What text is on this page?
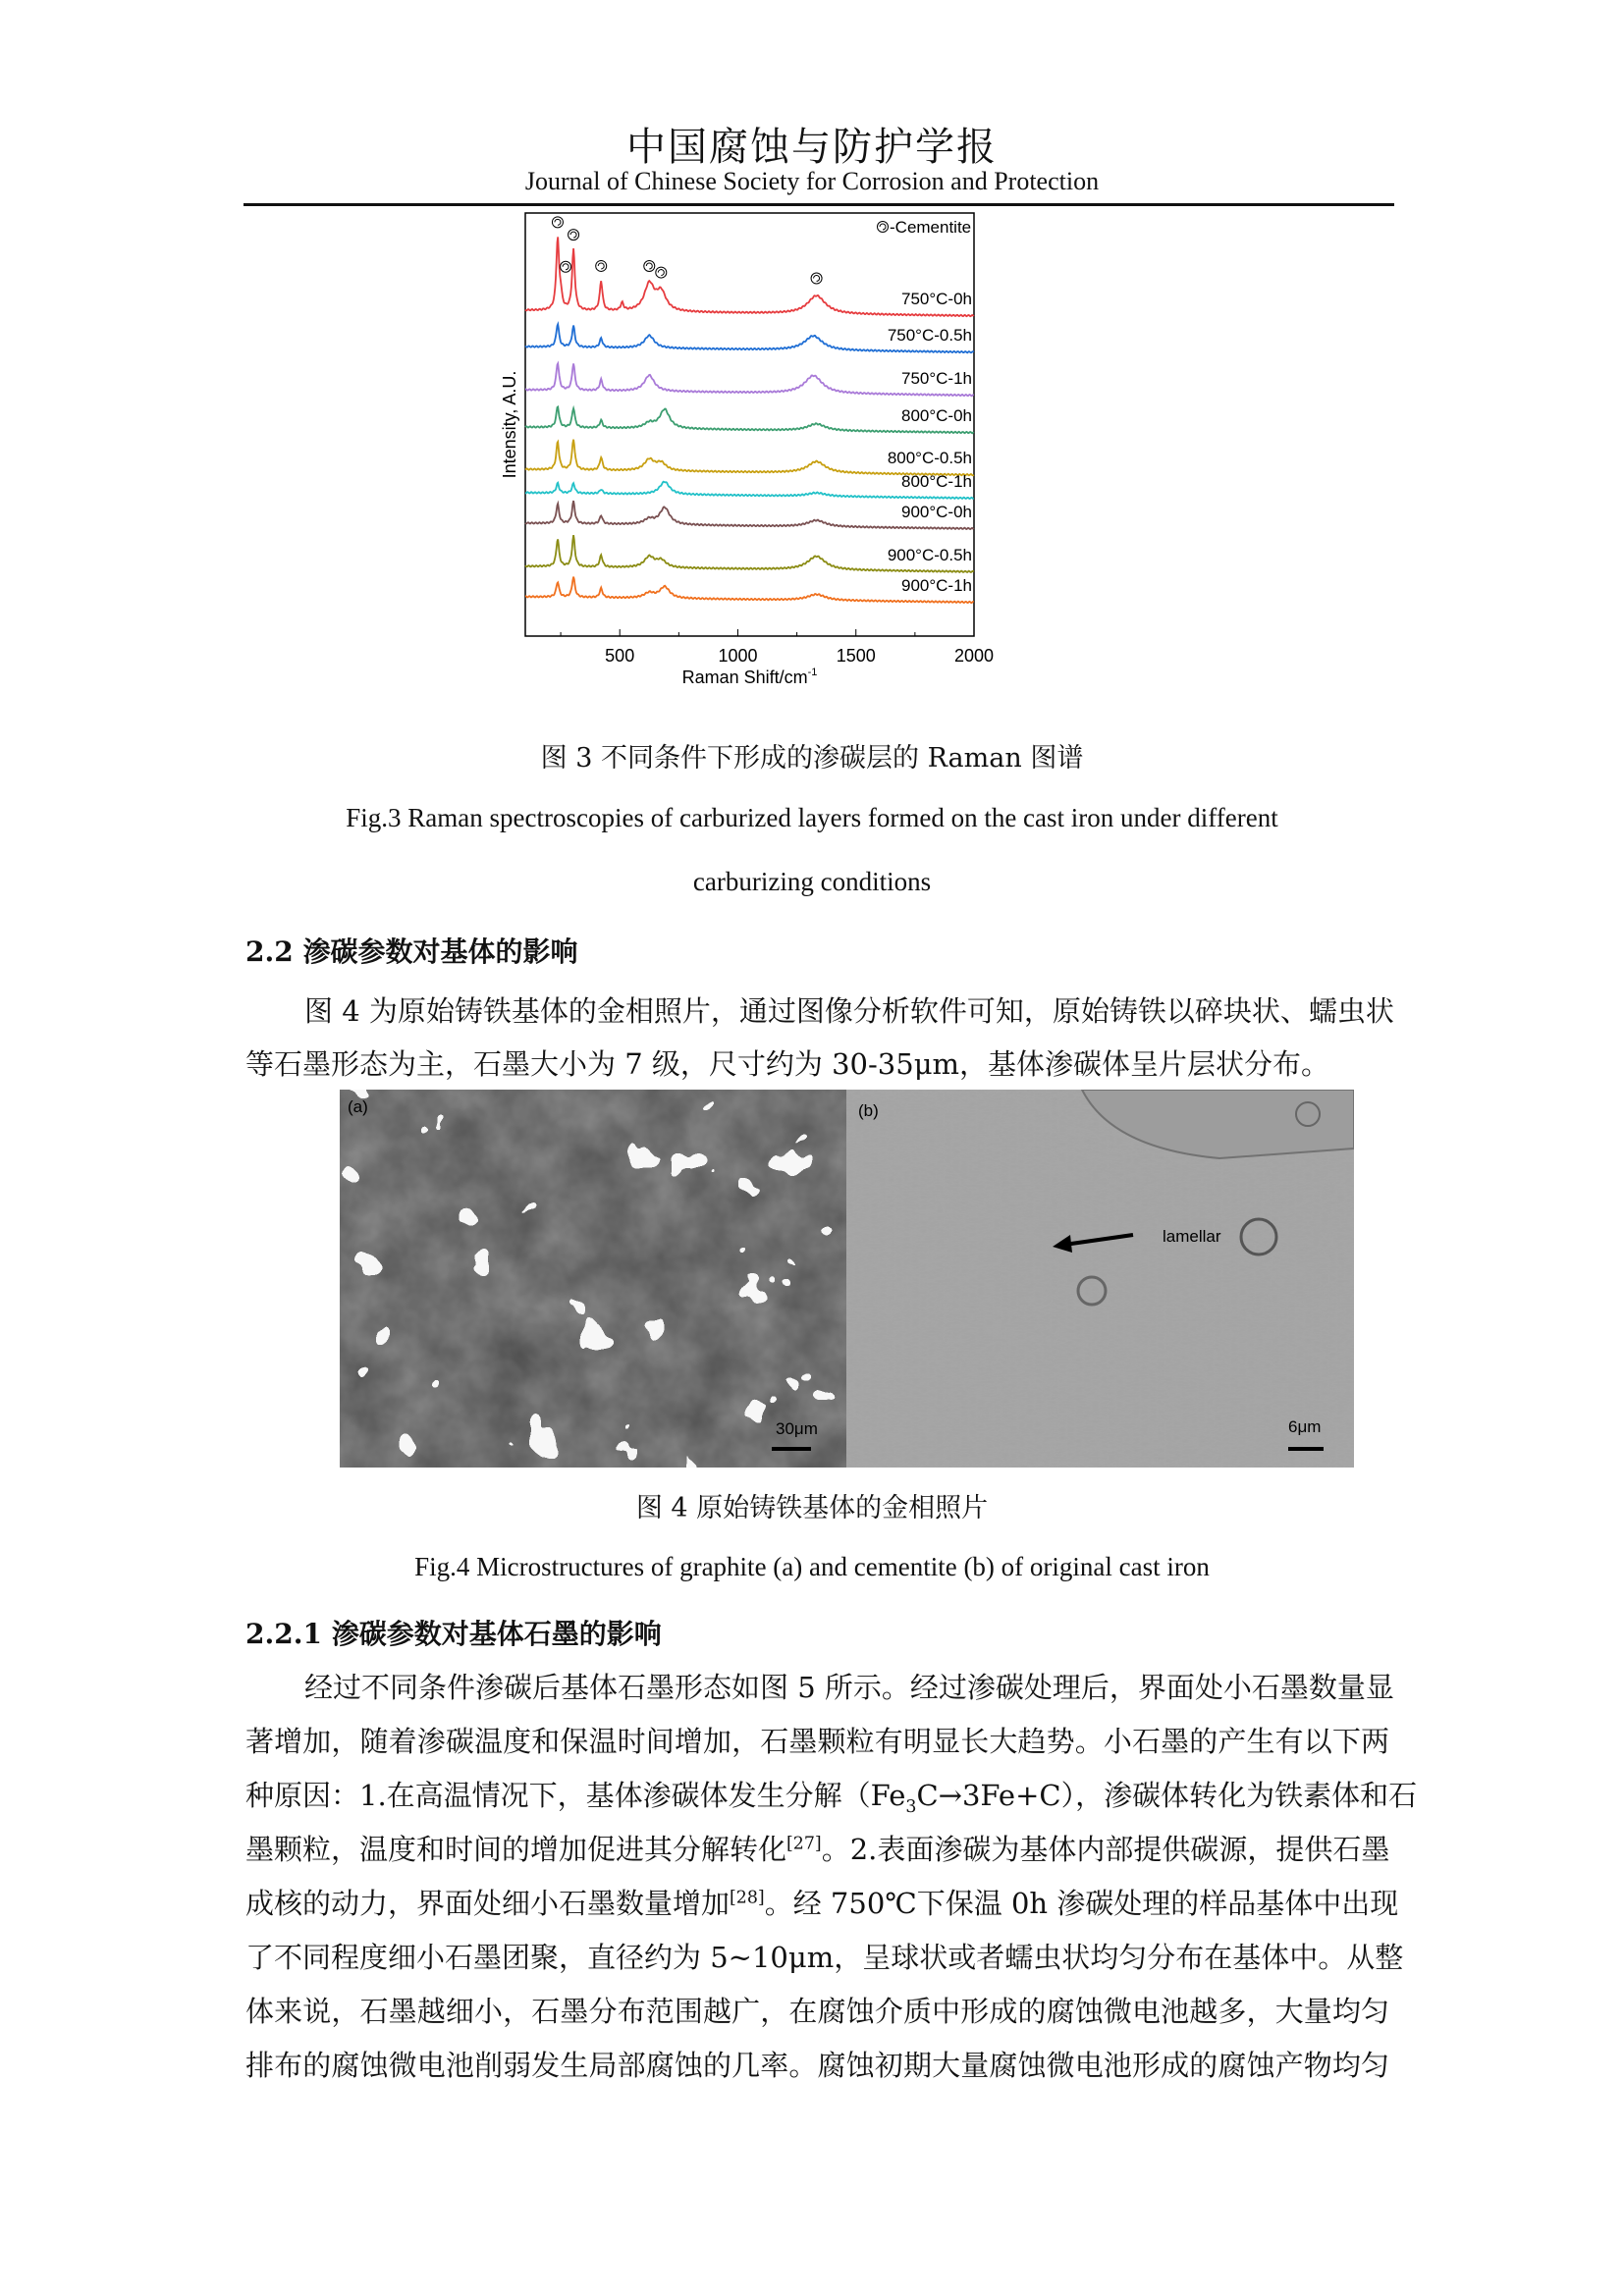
中国腐蚀与防护学报
Journal of Chinese Society for Corrosion and Protection
500	1000	1500	2000
Raman Shift/$cm^{-1}$
Intensity, A.U.
-Cementite
750°C-0h
750°C-0.5h
750°C-1h
800°C-0h
800°C-0.5h
800°C-1h
900°C-0h
900°C-0.5h
900°C-1h
图 3 不同条件下形成的渗碳层的 Raman 图谱
Fig.3 Raman spectroscopies of carburized layers formed on the cast iron under different
carburizing conditions
2.2 渗碳参数对基体的影响
图 4 为原始铸铁基体的金相照片，通过图像分析软件可知，原始铸铁以碎块状、蠕虫状
等石墨形态为主，石墨大小为 7 级，尺寸约为 30-35μm，基体渗碳体呈片层状分布。
(a)
30μm
(b)
lamellar
6μm
图 4 原始铸铁基体的金相照片
Fig.4 Microstructures of graphite (a) and cementite (b) of original cast iron
2.2.1 渗碳参数对基体石墨的影响
经过不同条件渗碳后基体石墨形态如图 5 所示。经过渗碳处理后，界面处小石墨数量显
著增加，随着渗碳温度和保温时间增加，石墨颗粒有明显长大趋势。小石墨的产生有以下两
种原因：1.在高温情况下，基体渗碳体发生分解$(Fe_3C\to 3Fe+C)$，渗碳体转化为铁素体和石
墨颗粒，温度和时间的增加促进其分解转化[27]。2.表面渗碳为基体内部提供碳源，提供石墨
成核的动力，界面处细小石墨数量增加[28]。经 750℃下保温 0h 渗碳处理的样品基体中出现
了不同程度细小石墨团聚，直径约为 5~10μm，呈球状或者蠕虫状均匀分布在基体中。从整
体来说，石墨越细小，石墨分布范围越广，在腐蚀介质中形成的腐蚀微电池越多，大量均匀
排布的腐蚀微电池削弱发生局部腐蚀的几率。腐蚀初期大量腐蚀微电池形成的腐蚀产物均匀
